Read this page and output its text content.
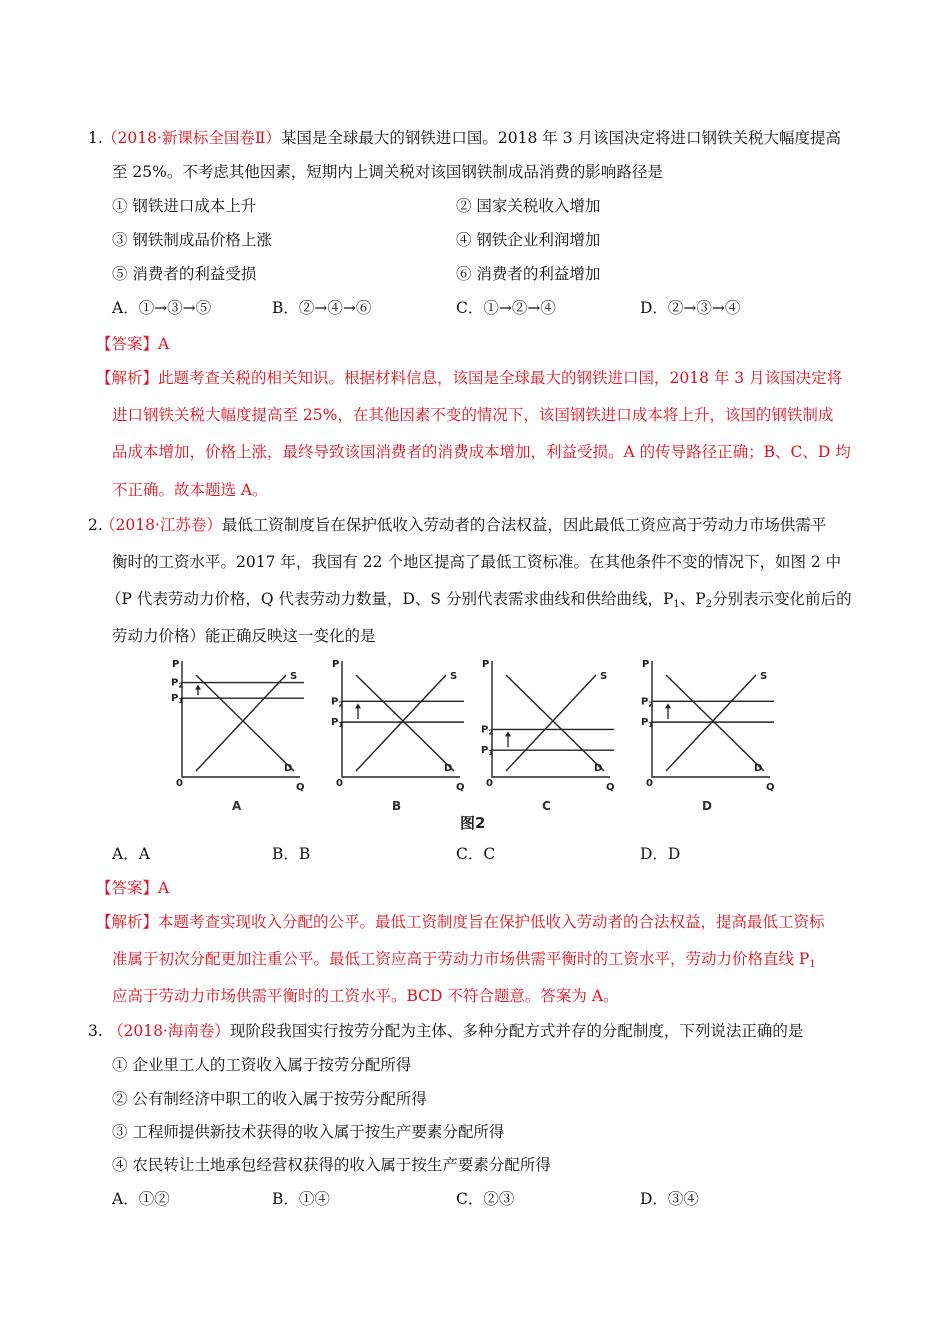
1. （2018·新课标全国卷Ⅱ）某国是全球最大的钢铁进口国。2018 年 3 月该国决定将进口钢铁关税大幅度提高
至 25%。不考虑其他因素，短期内上调关税对该国钢铁制成品消费的影响路径是
① 钢铁进口成本上升	② 国家关税收入增加
③ 钢铁制成品价格上涨	④ 钢铁企业利润增加
⑤ 消费者的利益受损	⑥ 消费者的利益增加
A．①→③→⑤	B．②→④→⑥	C．①→②→④	D．②→③→④
【答案】A
【解析】此题考查关税的相关知识。根据材料信息，该国是全球最大的钢铁进口国，2018 年 3 月该国决定将
进口钢铁关税大幅度提高至 25%，在其他因素不变的情况下，该国钢铁进口成本将上升，该国的钢铁制成
品成本增加，价格上涨，最终导致该国消费者的消费成本增加，利益受损。A 的传导路径正确；B、C、D 均
不正确。故本题选 A。
2.
（2018·江苏卷）最低工资制度旨在保护低收入劳动者的合法权益，因此最低工资应高于劳动力市场供需平
衡时的工资水平。2017 年，我国有 22 个地区提高了最低工资标准。在其他条件不变的情况下，如图 2 中
（P 代表劳动力价格，Q 代表劳动力数量，D、S 分别代表需求曲线和供给曲线，$P_1$、$P_2$分别表示变化前后的
劳动力价格）能正确反映这一变化的是
P
Q
0
S
D
$P_1$
$P_2$
A
P
Q
0
S
D
$P_1$
$P_2$
B
P
Q
0
S
D
$P_1$
$P_2$
C
P
Q
0
S
D
$P_1$
$P_2$
D
图2
A．A	B．B	C．C	D．D
【答案】A
【解析】本题考查实现收入分配的公平。最低工资制度旨在保护低收入劳动者的合法权益，提高最低工资标
准属于初次分配更加注重公平。最低工资应高于劳动力市场供需平衡时的工资水平，劳动力价格直线 $P_1$
应高于劳动力市场供需平衡时的工资水平。BCD 不符合题意。答案为 A。
3. （2018·海南卷）现阶段我国实行按劳分配为主体、多种分配方式并存的分配制度，下列说法正确的是
① 企业里工人的工资收入属于按劳分配所得
② 公有制经济中职工的收入属于按劳分配所得
③ 工程师提供新技术获得的收入属于按生产要素分配所得
④ 农民转让土地承包经营权获得的收入属于按生产要素分配所得
A．①②	B．①④	C．②③	D．③④
